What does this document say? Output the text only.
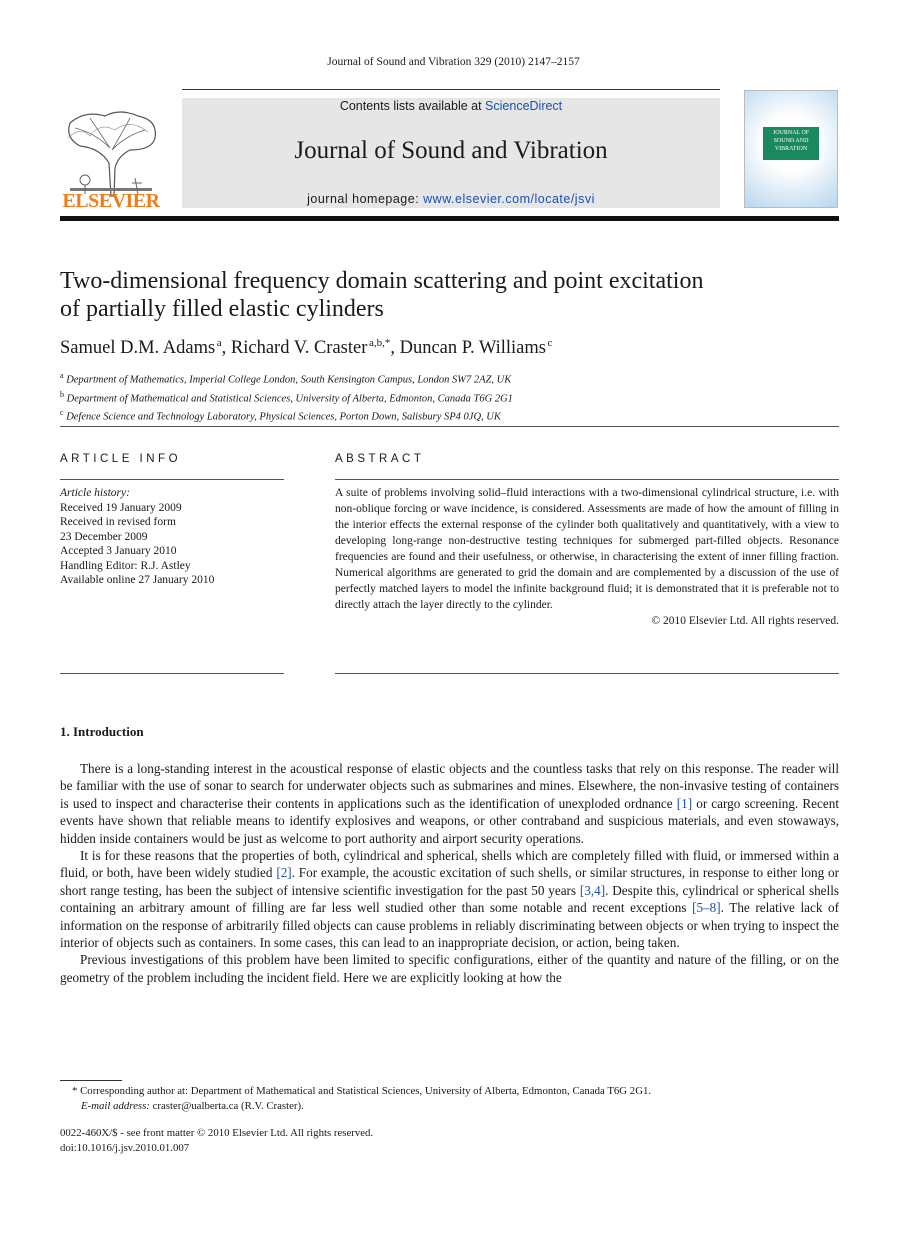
Journal of Sound and Vibration 329 (2010) 2147–2157
ELSEVIER
Contents lists available at ScienceDirect
Journal of Sound and Vibration
journal homepage: www.elsevier.com/locate/jsvi
JOURNAL OF SOUND AND VIBRATION
Two-dimensional frequency domain scattering and point excitation
of partially filled elastic cylinders
Samuel D.M. Adams  $^a$, Richard V. Craster  $^{a,b,*}$, Duncan P. Williams  $^c$
$^a$ Department of Mathematics, Imperial College London, South Kensington Campus, London SW7 2AZ, UK
$^b$ Department of Mathematical and Statistical Sciences, University of Alberta, Edmonton, Canada T6G 2G1
$^c$ Defence Science and Technology Laboratory, Physical Sciences, Porton Down, Salisbury SP4 0JQ, UK
ARTICLE INFO
Article history:
Received 19 January 2009
Received in revised form
23 December 2009
Accepted 3 January 2010
Handling Editor: R.J. Astley
Available online 27 January 2010
ABSTRACT
A suite of problems involving solid–fluid interactions with a two-dimensional cylindrical structure, i.e. with non-oblique forcing or wave incidence, is considered. Assessments are made of how the amount of filling in the interior effects the external response of the cylinder both qualitatively and quantitatively, with a view to developing long-range non-destructive testing techniques for submerged part-filled objects. Resonance frequencies are found and their usefulness, or otherwise, in characterising the extent of inner filling fraction. Numerical algorithms are generated to grid the domain and are complemented by a discussion of the use of perfectly matched layers to model the infinite background fluid; it is demonstrated that it is preferable not to directly attach the layer directly to the cylinder.
© 2010 Elsevier Ltd. All rights reserved.
1. Introduction

There is a long-standing interest in the acoustical response of elastic objects and the countless tasks that rely on this response. The reader will be familiar with the use of sonar to search for underwater objects such as submarines and mines. Elsewhere, the non-invasive testing of containers is used to inspect and characterise their contents in applications such as the identification of unexploded ordnance [1] or cargo screening. Recent events have shown that reliable means to identify explosives and weapons, or other contraband and suspicious materials, and even stowaways, hidden inside containers would be just as welcome to port authority and airport security operations.

It is for these reasons that the properties of both, cylindrical and spherical, shells which are completely filled with fluid, or immersed within a fluid, or both, have been widely studied [2]. For example, the acoustic excitation of such shells, or similar structures, in response to either long or short range testing, has been the subject of intensive scientific investigation for the past 50 years [3,4]. Despite this, cylindrical or spherical shells containing an arbitrary amount of filling are far less well studied other than some notable and recent exceptions [5–8]. The relative lack of information on the response of arbitrarily filled objects can cause problems in reliably discriminating between objects or when trying to inspect the interior of objects such as containers. In some cases, this can lead to an inappropriate decision, or action, being taken.

Previous investigations of this problem have been limited to specific configurations, either of the quantity and nature of the filling, or on the geometry of the problem including the incident field. Here we are explicitly looking at how the

* Corresponding author at: Department of Mathematical and Statistical Sciences, University of Alberta, Edmonton, Canada T6G 2G1.
E-mail address: craster@ualberta.ca (R.V. Craster).
0022-460X/$ - see front matter © 2010 Elsevier Ltd. All rights reserved.
doi:10.1016/j.jsv.2010.01.007
